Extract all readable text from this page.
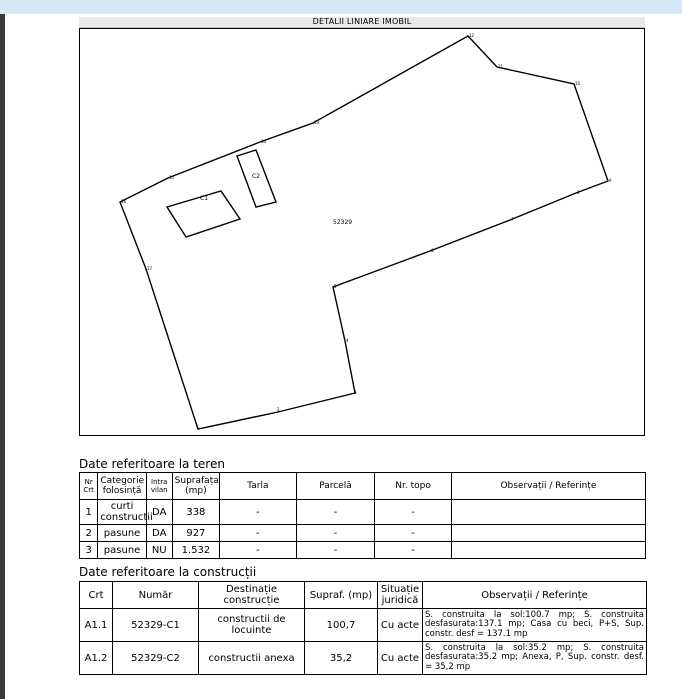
DETALII LINIARE IMOBIL
1
2
3
4
5
6
7
8
9
10
11
12
13
14
15
16
17
C1
C2
52329
Date referitoare la teren
Nr Crt	Categorie folosință	Intra vilan	Suprafața (mp)	Tarla	Parcelă	Nr. topo	Observații / Referințe
1	curti constructii	DA	338	-	-	-	
2	pasune	DA	927	-	-	-	
3	pasune	NU	1.532	-	-	-	
Date referitoare la construcții
Crt	Număr	Destinație construcție	Supraf. (mp)	Situație juridică	Observații / Referințe
A1.1	52329-C1	constructii de locuinte	100,7	Cu acte	S. construita la sol:100.7 mp; S. construita desfasurata:137.1 mp; Casa cu beci, P+S, Sup. constr. desf = 137.1 mp
A1.2	52329-C2	constructii anexa	35,2	Cu acte	S. construita la sol:35.2 mp; S. construita desfasurata:35.2 mp; Anexa, P, Sup. constr. desf. = 35,2 mp
